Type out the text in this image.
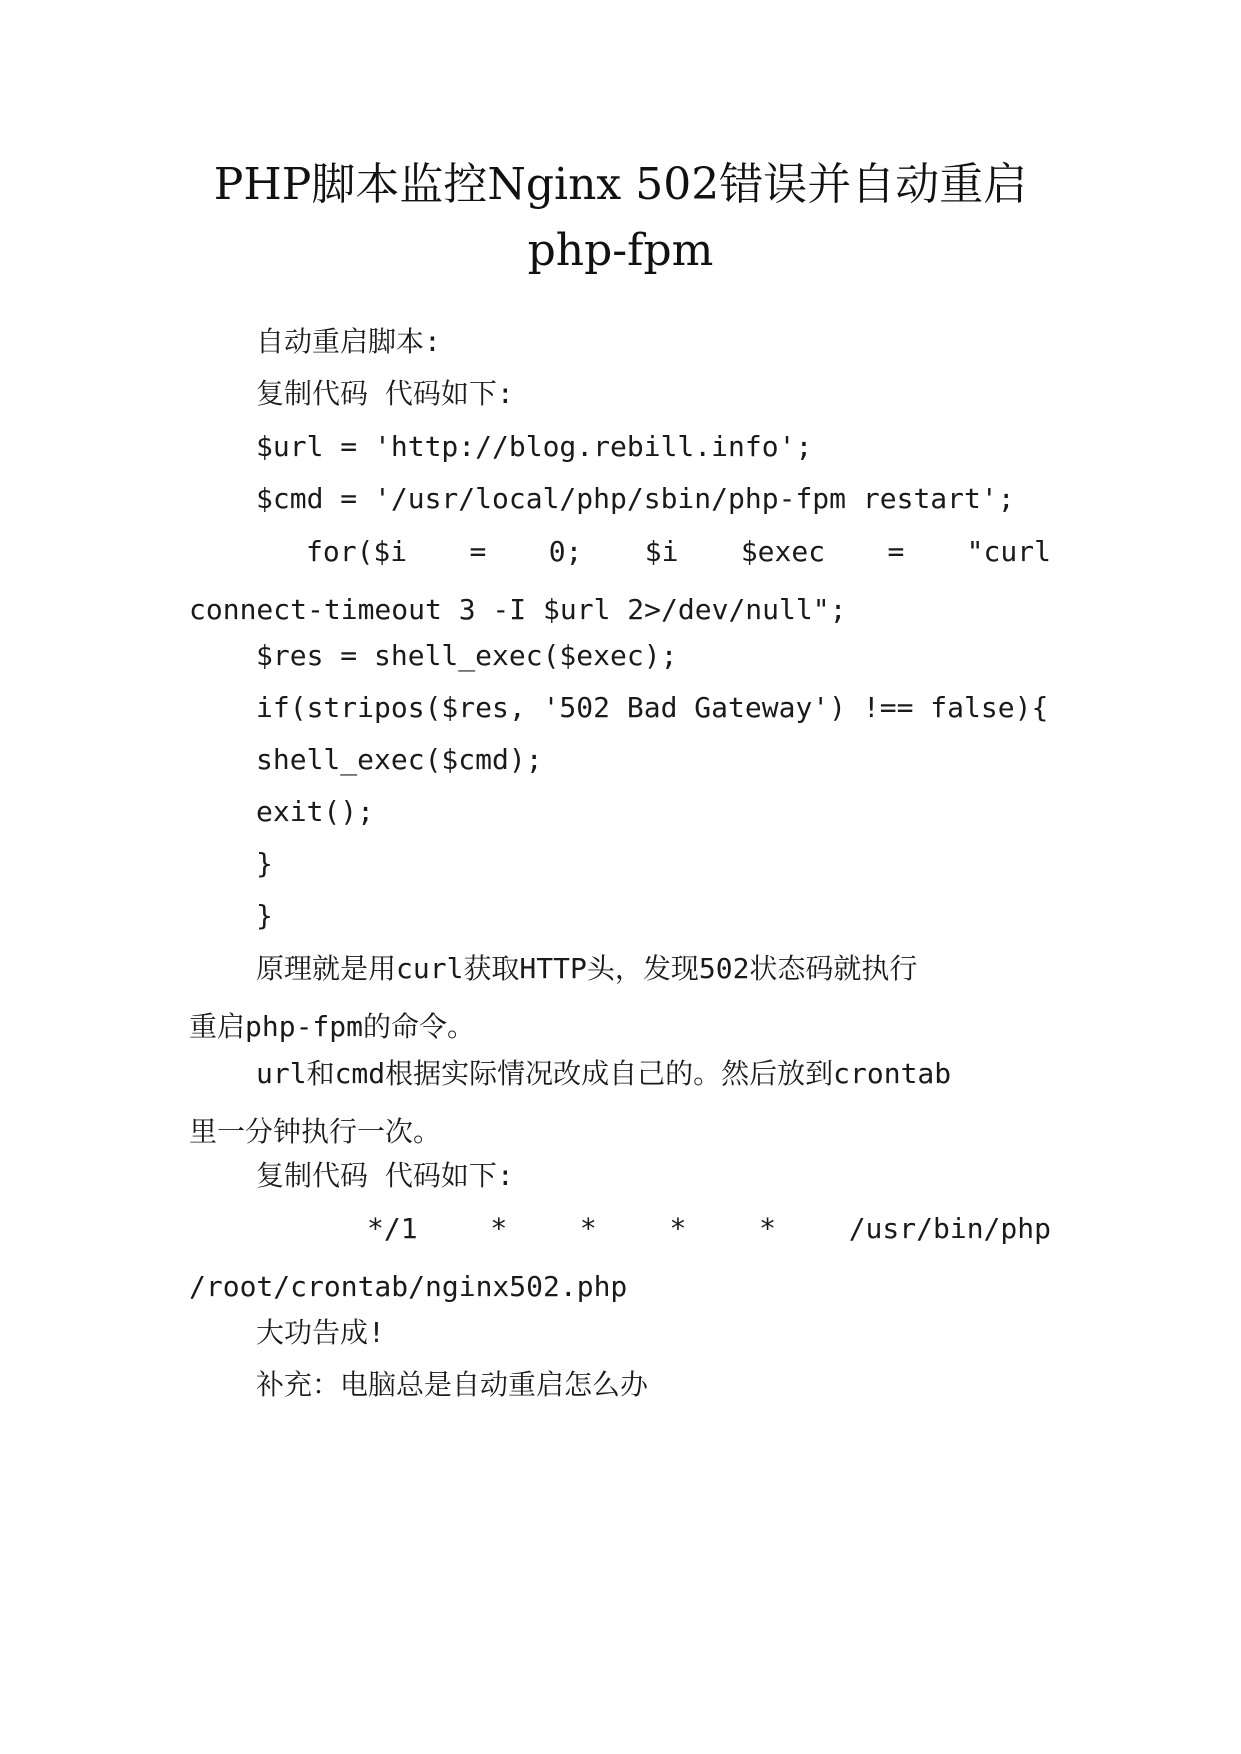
PHP脚本监控Nginx 502错误并自动重启
php-fpm

自动重启脚本:

复制代码 代码如下:

$url = 'http://blog.rebill.info';

$cmd = '/usr/local/php/sbin/php-fpm restart';

for($i = 0; $i $exec = "curl
connect-timeout 3 -I $url 2>/dev/null";

$res = shell_exec($exec);

if(stripos($res, '502 Bad Gateway') !== false){

shell_exec($cmd);

exit();

}

}

原理就是用curl获取HTTP头，发现502状态码就执行
重启php-fpm的命令。
url和cmd根据实际情况改成自己的。然后放到crontab
里一分钟执行一次。

复制代码 代码如下:

*/1	*	*	*	*	/usr/bin/php
/root/crontab/nginx502.php

大功告成!

补充：电脑总是自动重启怎么办
